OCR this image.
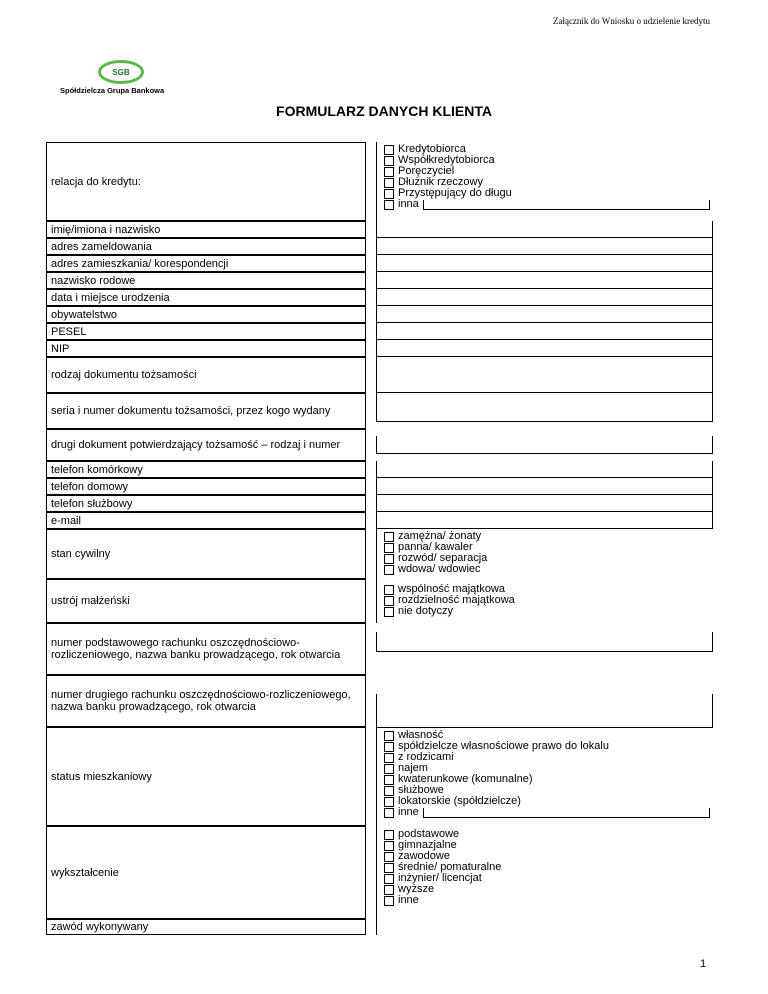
Załącznik do Wniosku o udzielenie kredytu
SGB
Spółdzielcza Grupa Bankowa
FORMULARZ DANYCH KLIENTA
relacja do kredytu:
Kredytobiorca
Współkredytobiorca
Poręczyciel
Dłużnik rzeczowy
Przystępujący do długu
inna
imię/imiona i nazwisko
adres zameldowania
adres zamieszkania/ korespondencji
nazwisko rodowe
data i miejsce urodzenia
obywatelstwo
PESEL
NIP
rodzaj dokumentu tożsamości
seria i numer dokumentu tożsamości, przez kogo wydany
drugi dokument potwierdzający tożsamość – rodzaj i numer
telefon komórkowy
telefon domowy
telefon służbowy
e-mail
stan cywilny
zamężna/ żonaty
panna/ kawaler
rozwód/ separacja
wdowa/ wdowiec
ustrój małżeński
wspólność majątkowa
rozdzielność majątkowa
nie dotyczy
numer podstawowego rachunku oszczędnościowo-rozliczeniowego, nazwa banku prowadzącego, rok otwarcia
numer drugiego rachunku oszczędnościowo-rozliczeniowego, nazwa banku prowadzącego, rok otwarcia
status mieszkaniowy
własność
spółdzielcze własnościowe prawo do lokalu
z rodzicami
najem
kwaterunkowe (komunalne)
służbowe
lokatorskie (spółdzielcze)
inne
wykształcenie
podstawowe
gimnazjalne
zawodowe
średnie/ pomaturalne
inżynier/ licencjat
wyższe
inne
zawód wykonywany
1
